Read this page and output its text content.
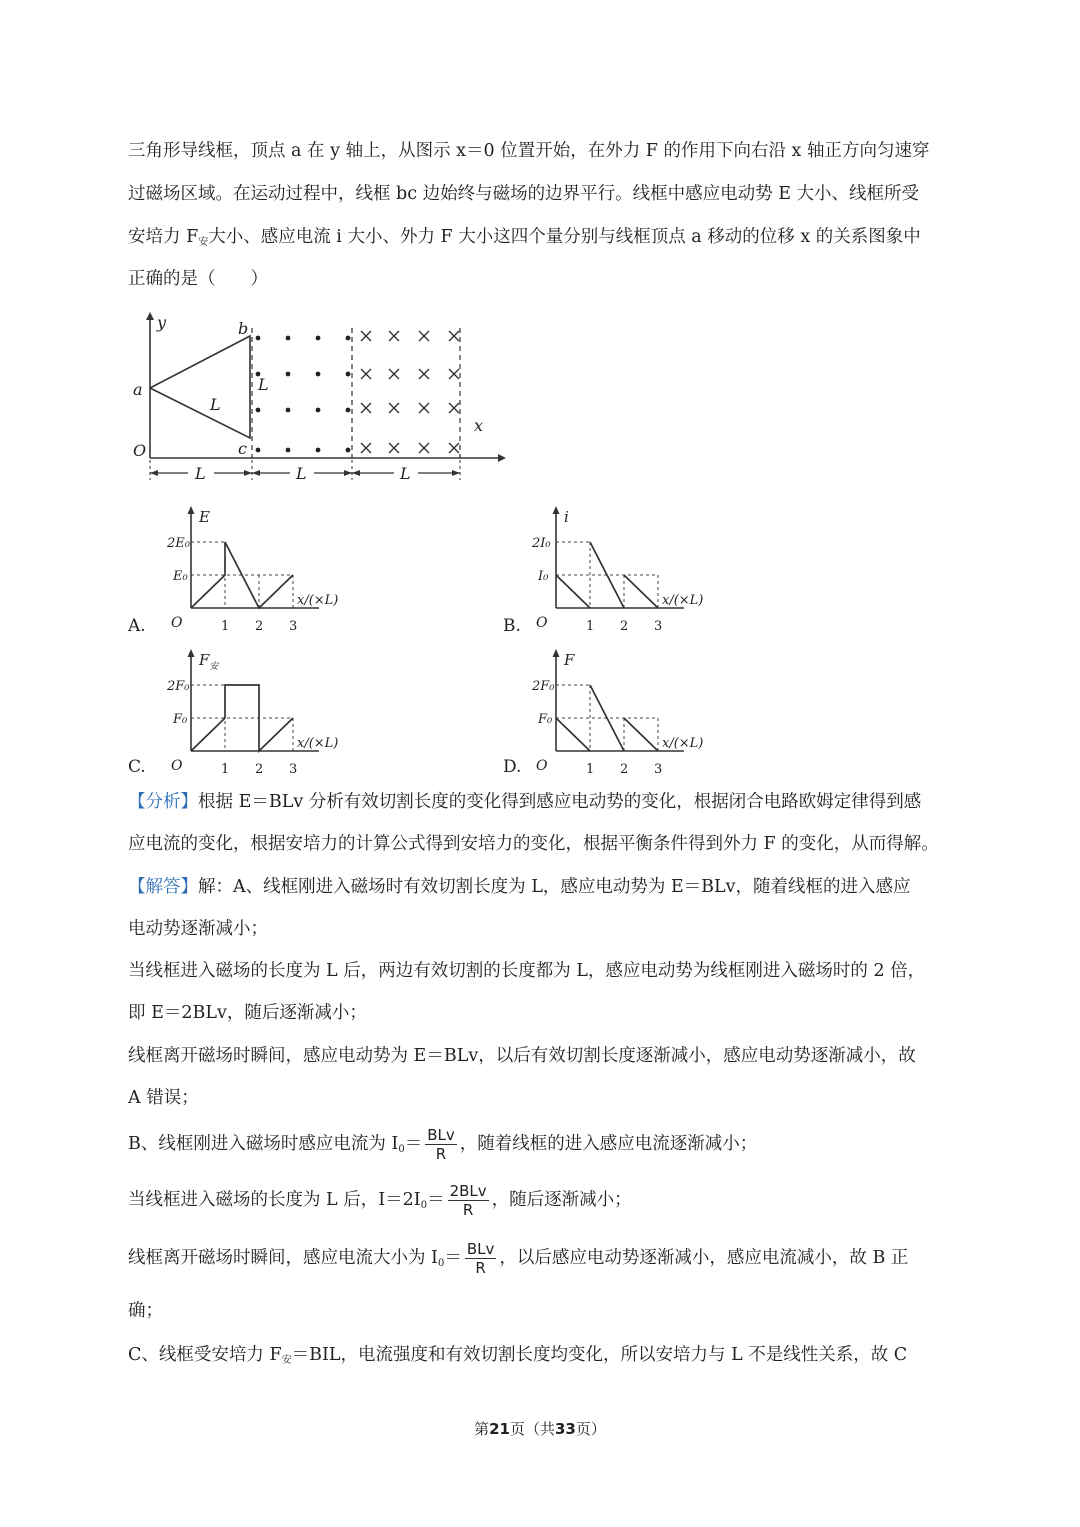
三角形导线框，顶点 a 在 y 轴上，从图示 x＝0 位置开始，在外力 F 的作用下向右沿 x 轴正方向匀速穿
过磁场区域。在运动过程中，线框 bc 边始终与磁场的边界平行。线框中感应电动势 E 大小、线框所受
安培力 $F_安$大小、感应电流 i 大小、外力 F 大小这四个量分别与线框顶点 a 移动的位移 x 的关系图象中
正确的是（　　）
y
x
a
b
c
O
L
L
L	L	L
E
2E₀
E₀
O	1 2 3
x/(×L)
i
2I₀
I₀
O	1 2 3
x/(×L)
$F_安$
2F₀
F₀
O	1 2 3
x/(×L)
F
2F₀
F₀
O	1 2 3
x/(×L)
A.	B.
C.	D.
【分析】根据 E＝BLv 分析有效切割长度的变化得到感应电动势的变化，根据闭合电路欧姆定律得到感
应电流的变化，根据安培力的计算公式得到安培力的变化，根据平衡条件得到外力 F 的变化，从而得解。
【解答】解：A、线框刚进入磁场时有效切割长度为 L，感应电动势为 E＝BLv，随着线框的进入感应
电动势逐渐减小；
当线框进入磁场的长度为 L 后，两边有效切割的长度都为 L，感应电动势为线框刚进入磁场时的 2 倍，
即 E＝2BLv，随后逐渐减小；
线框离开磁场时瞬间，感应电动势为 E＝BLv，以后有效切割长度逐渐减小，感应电动势逐渐减小，故
A 错误；
B、线框刚进入磁场时感应电流为 $I_0= \frac{\text{BLv}}{R}$ ，随着线框的进入感应电流逐渐减小；
当线框进入磁场的长度为 L 后，$I=2I_0= \frac{\text{2BLv}}{R}$ ，随后逐渐减小；
线框离开磁场时瞬间，感应电流大小为 $I_0= \frac{\text{BLv}}{R}$ ，以后感应电动势逐渐减小，感应电流减小，故 B 正
确；
C、线框受安培力 $F_安=BIL$，电流强度和有效切割长度均变化，所以安培力与 L 不是线性关系，故 C
第21页（共33页）
